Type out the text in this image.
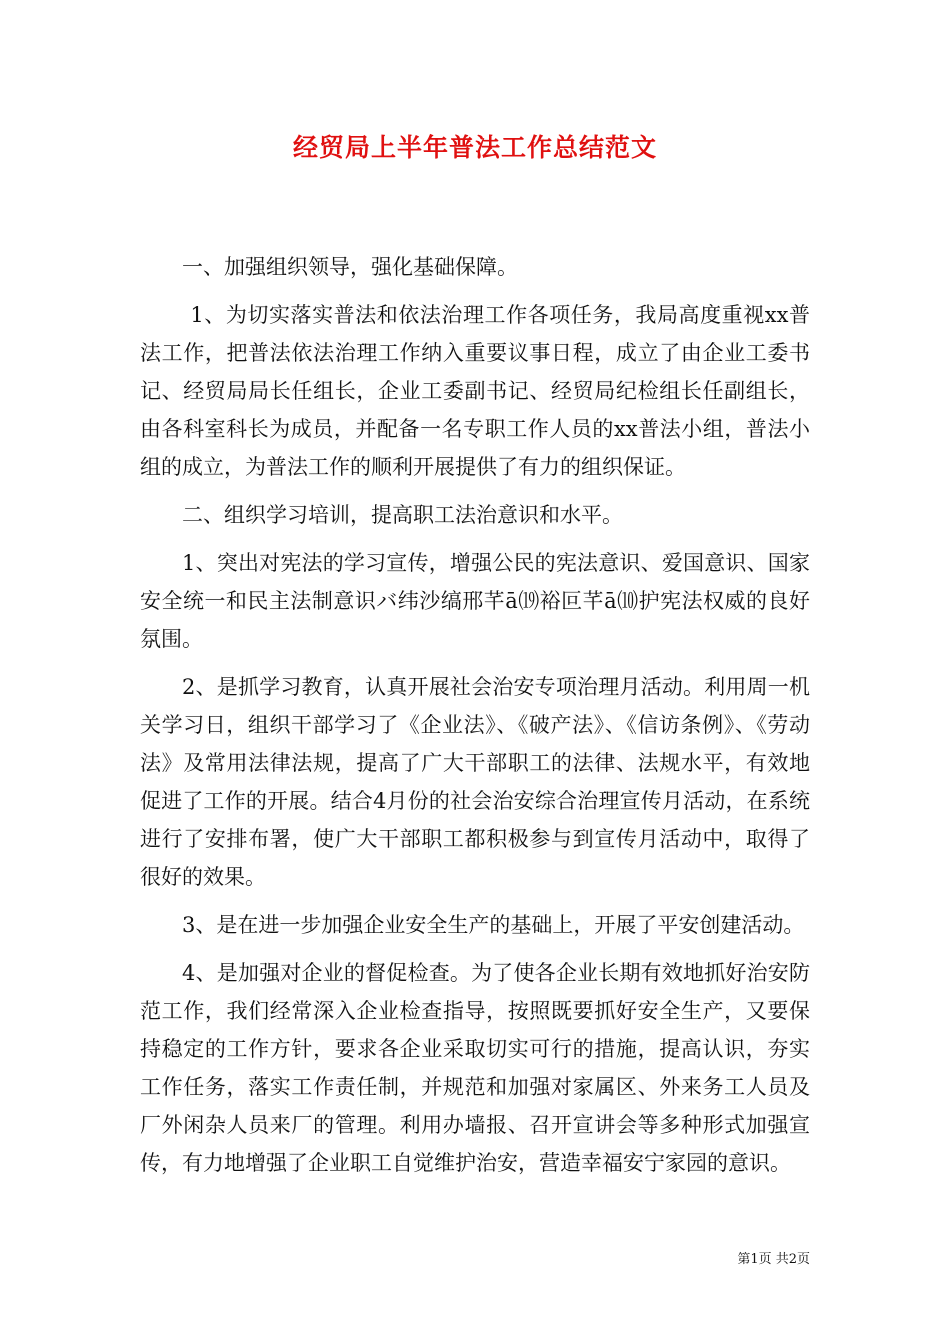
经贸局上半年普法工作总结范文

一、加强组织领导，强化基础保障。

1、为切实落实普法和依法治理工作各项任务，我局高度重视xx普法工作，把普法依法治理工作纳入重要议事日程，成立了由企业工委书记、经贸局局长任组长，企业工委副书记、经贸局纪检组长任副组长，由各科室科长为成员，并配备一名专职工作人员的xx普法小组，普法小组的成立，为普法工作的顺利开展提供了有力的组织保证。

二、组织学习培训，提高职工法治意识和水平。

1、突出对宪法的学习宣传，增强公民的宪法意识、爱国意识、国家安全统一和民主法制意识バ纬沙缟邢芊ā⒆裕叵芊ā⑽护宪法权威的良好氛围。

2、是抓学习教育，认真开展社会治安专项治理月活动。利用周一机关学习日，组织干部学习了《企业法》、《破产法》、《信访条例》、《劳动法》及常用法律法规，提高了广大干部职工的法律、法规水平，有效地促进了工作的开展。结合4月份的社会治安综合治理宣传月活动，在系统进行了安排布署，使广大干部职工都积极参与到宣传月活动中，取得了很好的效果。

3、是在进一步加强企业安全生产的基础上，开展了平安创建活动。

4、是加强对企业的督促检查。为了使各企业长期有效地抓好治安防范工作，我们经常深入企业检查指导，按照既要抓好安全生产，又要保持稳定的工作方针，要求各企业采取切实可行的措施，提高认识，夯实工作任务，落实工作责任制，并规范和加强对家属区、外来务工人员及厂外闲杂人员来厂的管理。利用办墙报、召开宣讲会等多种形式加强宣传，有力地增强了企业职工自觉维护治安，营造幸福安宁家园的意识。

第1页 共2页
